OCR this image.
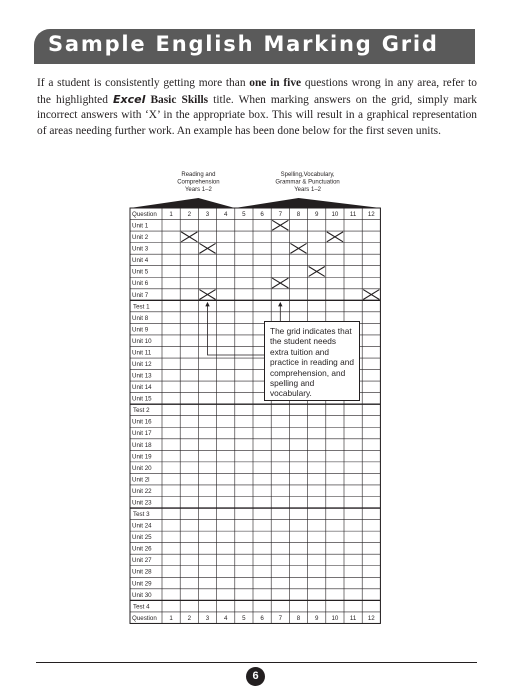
Sample English Marking Grid

If a student is consistently getting more than one in five questions wrong in any area, refer to the highlighted Excel Basic Skills title. When marking answers on the grid, simply mark incorrect answers with ‘X’ in the appropriate box. This will result in a graphical representation of areas needing further work. An example has been done below for the first seven units.

Reading and
Comprehension
Years 1–2
Spelling,Vocabulary,
Grammar & Punctuation
Years 1–2
Question 1 2 3 4 5 6 7 8 9 10 11 12
Question 1 2 3 4 5 6 7 8 9 10 11 12
Unit 1
Unit 2
Unit 3
Unit 4
Unit 5
Unit 6
Unit 7
Test 1
Unit 8
Unit 9
Unit 10
Unit 11
Unit 12
Unit 13
Unit 14
Unit 15
Test 2
Unit 16
Unit 17
Unit 18
Unit 19
Unit 20
Unit 2l
Unit 22
Unit 23
Test 3
Unit 24
Unit 25
Unit 26
Unit 27
Unit 28
Unit 29
Unit 30
Test 4
The grid indicates that the student needs extra tuition and practice in reading and comprehension, and spelling and vocabulary.
6
